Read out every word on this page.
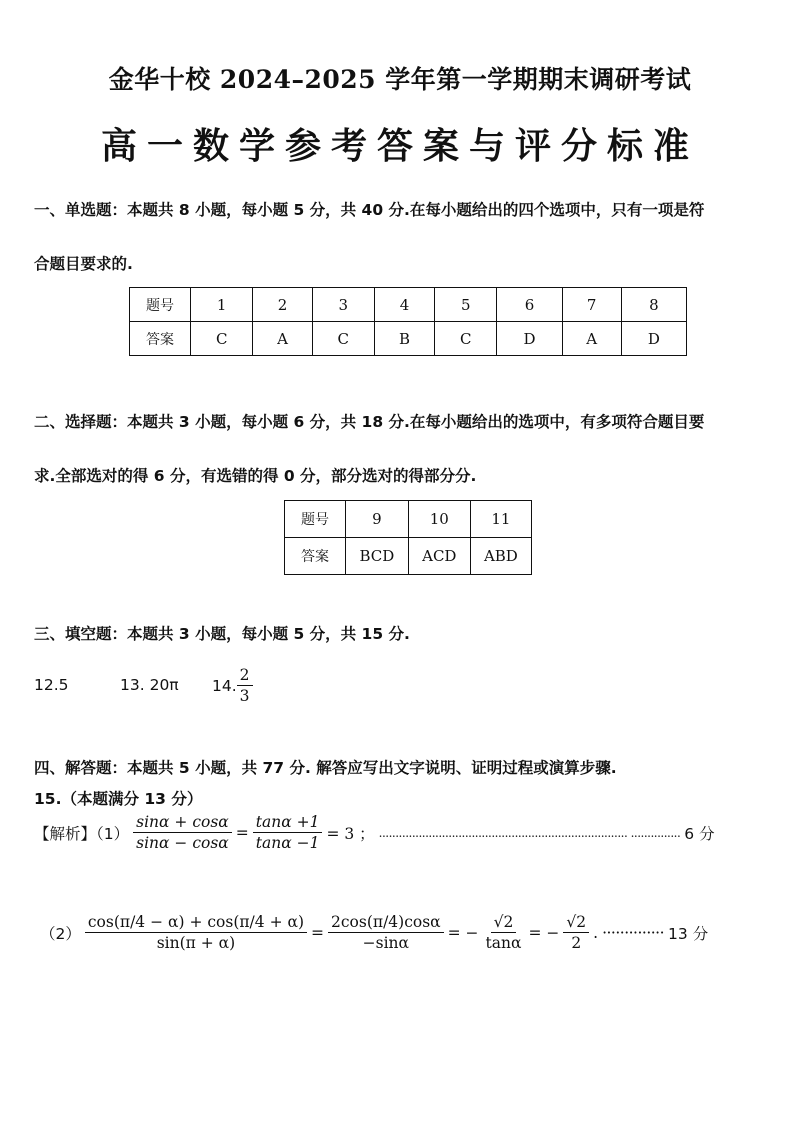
金华十校 2024–2025 学年第一学期期末调研考试
高一数学参考答案与评分标准
一、单选题：本题共 8 小题，每小题 5 分，共 40 分.在每小题给出的四个选项中，只有一项是符
合题目要求的.
题号	1	2	3	4	5	6	7	8
答案	C	A	C	B	C	D	A	D
二、选择题：本题共 3 小题，每小题 6 分，共 18 分.在每小题给出的选项中，有多项符合题目要
求.全部选对的得 6 分，有选错的得 0 分，部分选对的得部分分.
题号	9	10	11
答案	BCD	ACD	ABD
三、填空题：本题共 3 小题，每小题 5 分，共 15 分.
12.5	13. 20π 14. $\frac{2}{3}$
四、解答题：本题共 5 小题，共 77 分. 解答应写出文字说明、证明过程或演算步骤.
15.（本题满分 13 分）
【解析】$(1) \frac{\sin\alpha + \cos\alpha}{\sin\alpha - \cos\alpha} = \frac{\tan\alpha +1}{\tan\alpha -1} = 3$ ； ........................................................................... ............... 6 分
$(2) \frac{\cos(\pi/4 - \alpha) + \cos(\pi/4 + \alpha)}{\sin(\pi + \alpha)} = \frac{2\cos(\pi/4)\cos\alpha}{-\sin\alpha}$ = − $\frac{√2}{\tan\alpha}$ = − $\frac{√2}{2}$ . ·············· 13 分
